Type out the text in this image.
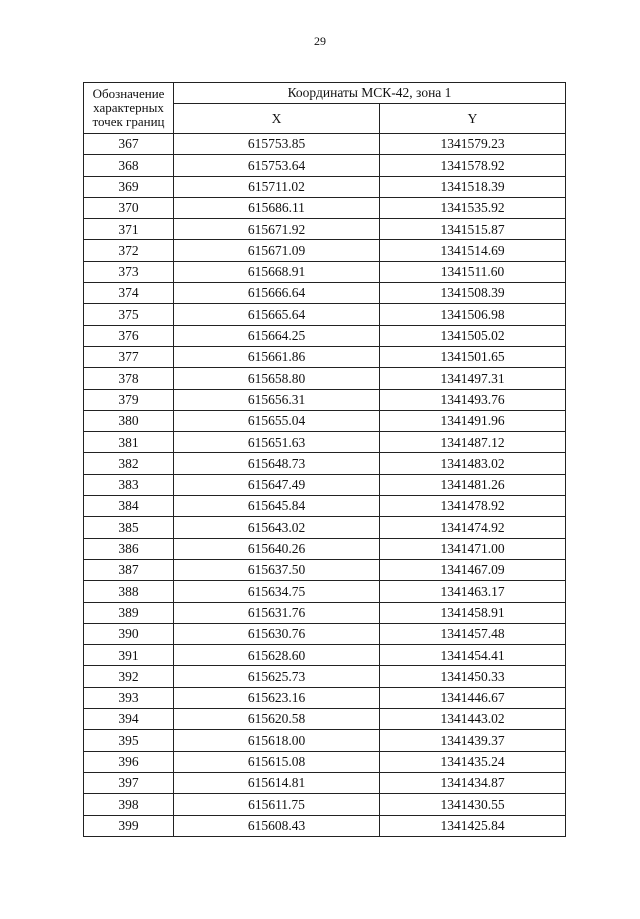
29
Обозначение
характерных
точек границ	Координаты МСК-42, зона 1	
	X	Y
367	615753.85	1341579.23
368	615753.64	1341578.92
369	615711.02	1341518.39
370	615686.11	1341535.92
371	615671.92	1341515.87
372	615671.09	1341514.69
373	615668.91	1341511.60
374	615666.64	1341508.39
375	615665.64	1341506.98
376	615664.25	1341505.02
377	615661.86	1341501.65
378	615658.80	1341497.31
379	615656.31	1341493.76
380	615655.04	1341491.96
381	615651.63	1341487.12
382	615648.73	1341483.02
383	615647.49	1341481.26
384	615645.84	1341478.92
385	615643.02	1341474.92
386	615640.26	1341471.00
387	615637.50	1341467.09
388	615634.75	1341463.17
389	615631.76	1341458.91
390	615630.76	1341457.48
391	615628.60	1341454.41
392	615625.73	1341450.33
393	615623.16	1341446.67
394	615620.58	1341443.02
395	615618.00	1341439.37
396	615615.08	1341435.24
397	615614.81	1341434.87
398	615611.75	1341430.55
399	615608.43	1341425.84
